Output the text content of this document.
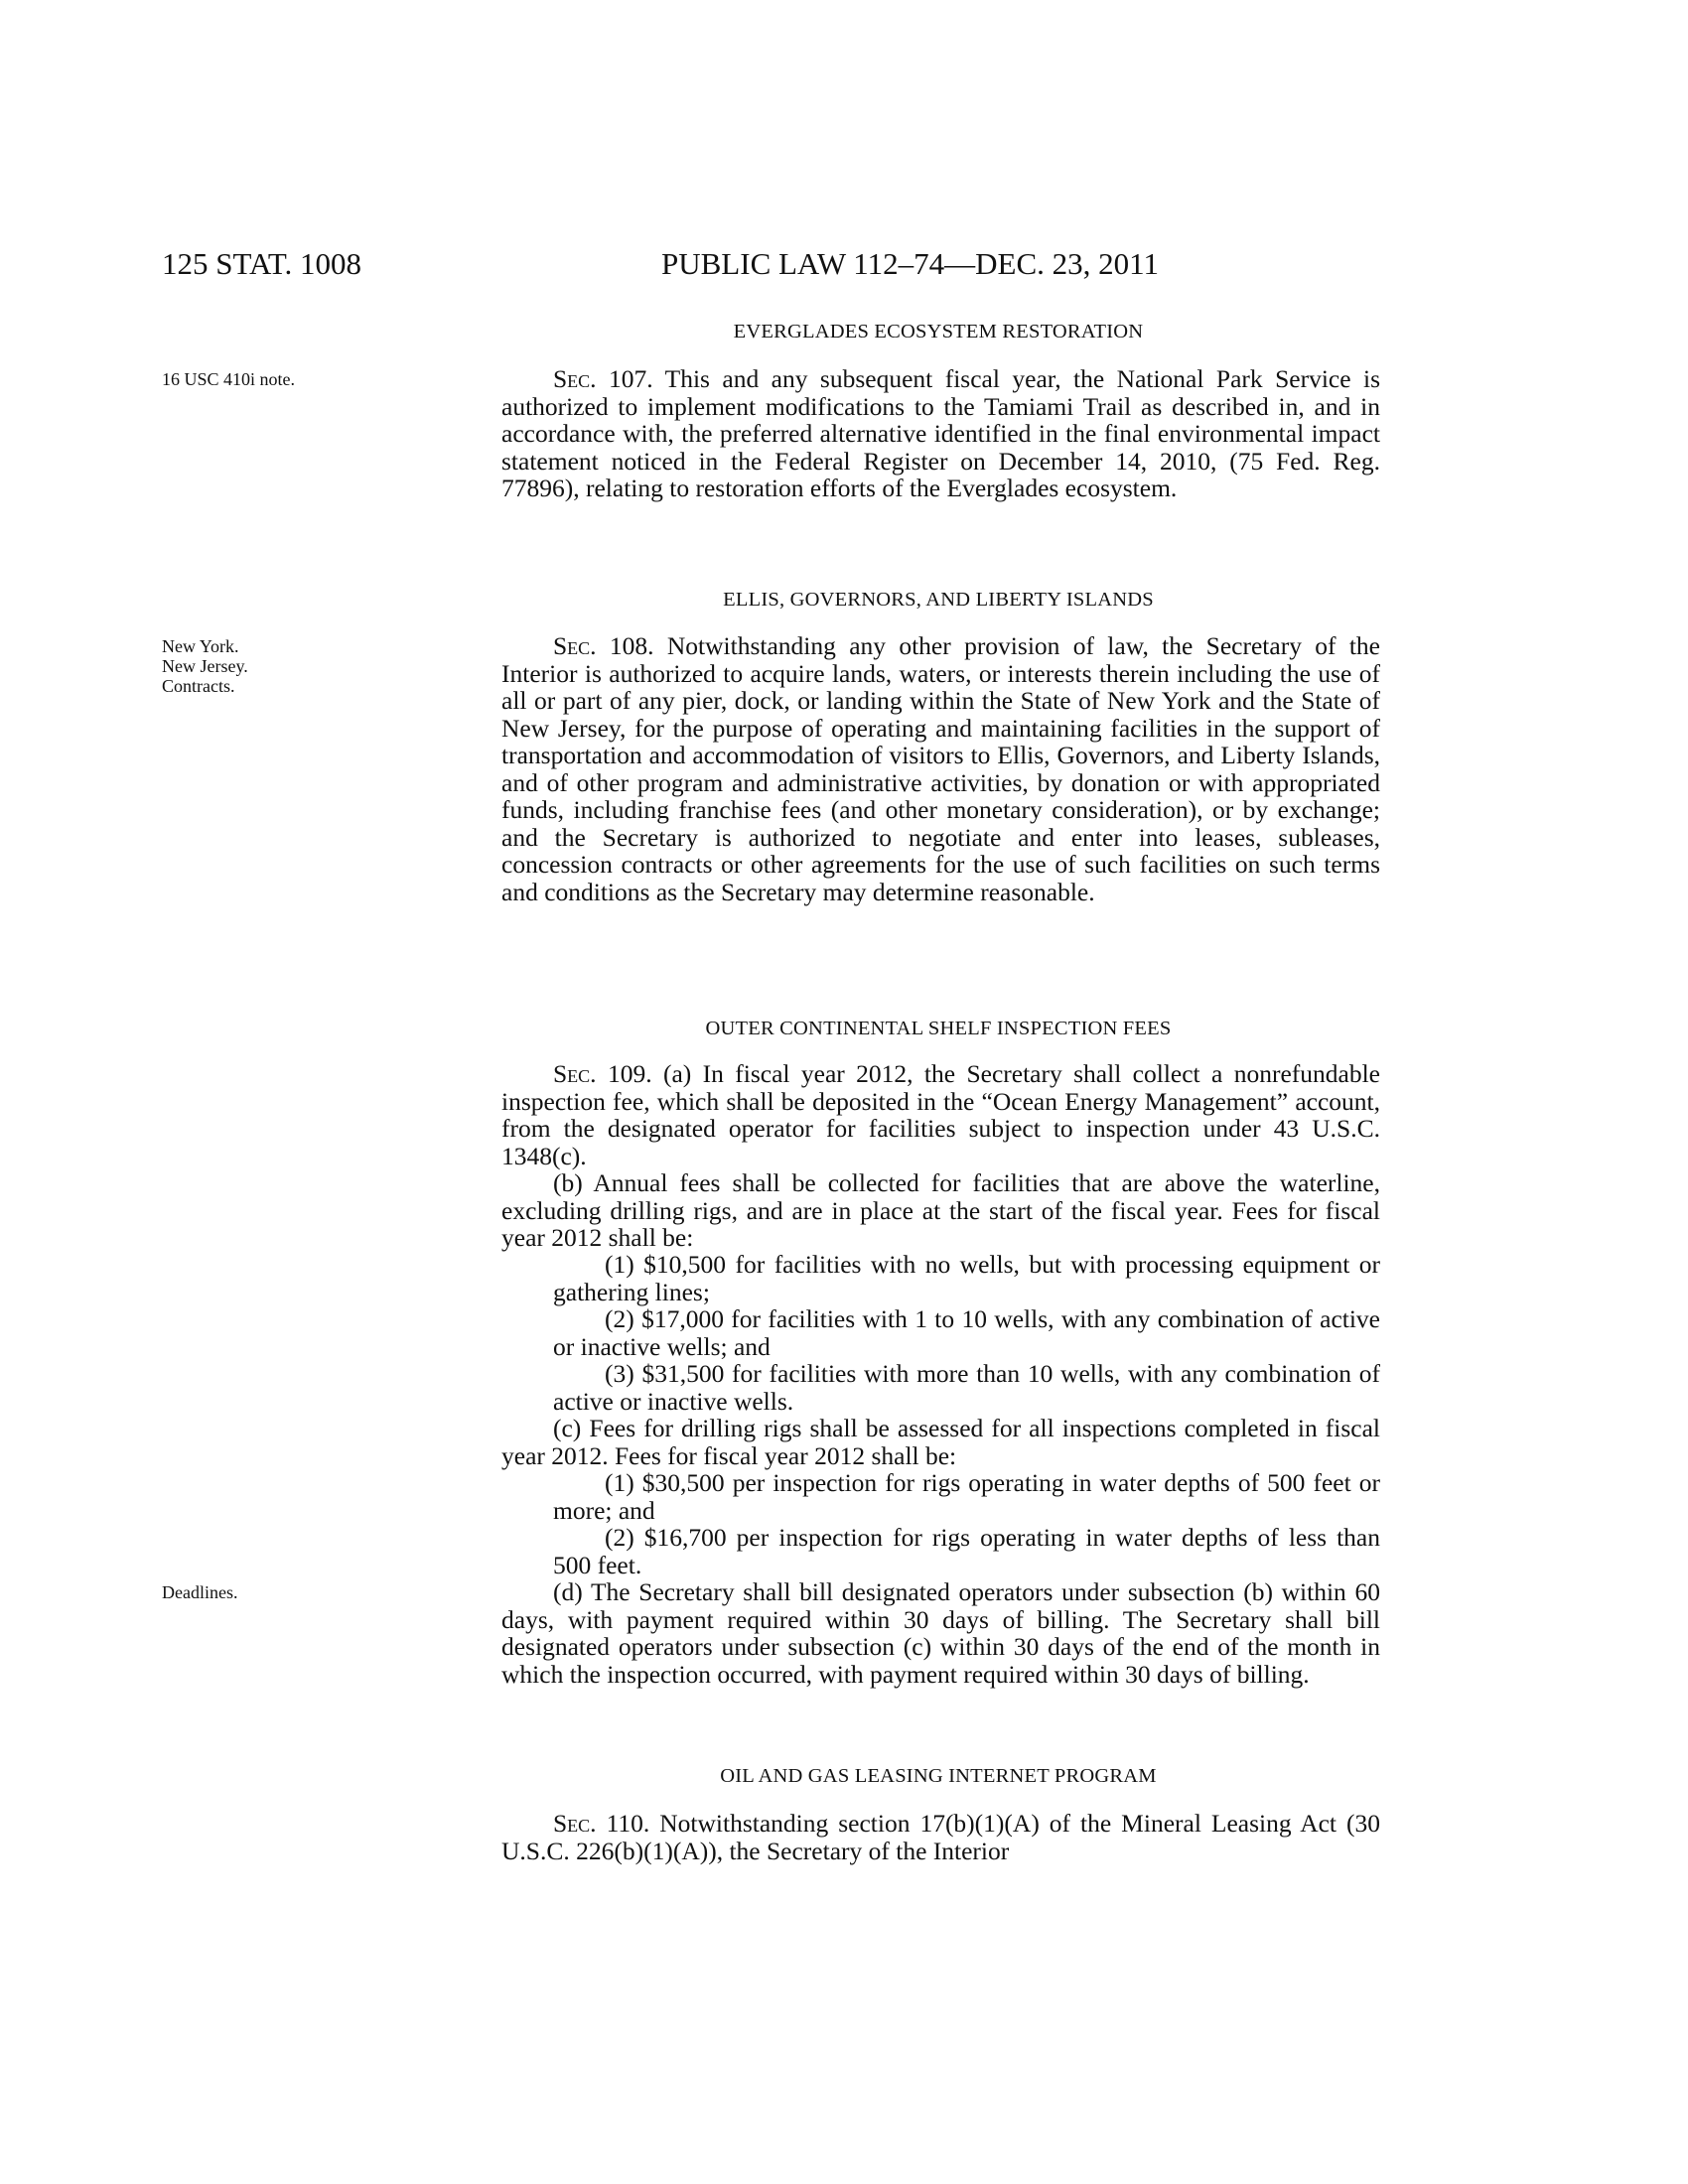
125 STAT. 1008	PUBLIC LAW 112–74—DEC. 23, 2011
EVERGLADES ECOSYSTEM RESTORATION
16 USC 410i note.	Sec. 107. This and any subsequent fiscal year, the National Park Service is authorized to implement modifications to the Tamiami Trail as described in, and in accordance with, the preferred alternative identified in the final environmental impact statement noticed in the Federal Register on December 14, 2010, (75 Fed. Reg. 77896), relating to restoration efforts of the Everglades ecosystem.

ELLIS, GOVERNORS, AND LIBERTY ISLANDS
New York.
New Jersey.
Contracts.

Sec. 108. Notwithstanding any other provision of law, the Secretary of the Interior is authorized to acquire lands, waters, or interests therein including the use of all or part of any pier, dock, or landing within the State of New York and the State of New Jersey, for the purpose of operating and maintaining facilities in the support of transportation and accommodation of visitors to Ellis, Governors, and Liberty Islands, and of other program and administrative activities, by donation or with appropriated funds, including franchise fees (and other monetary consideration), or by exchange; and the Secretary is authorized to negotiate and enter into leases, subleases, concession contracts or other agreements for the use of such facilities on such terms and conditions as the Secretary may determine reasonable.

OUTER CONTINENTAL SHELF INSPECTION FEES

Sec. 109. (a) In fiscal year 2012, the Secretary shall collect a nonrefundable inspection fee, which shall be deposited in the “Ocean Energy Management” account, from the designated operator for facilities subject to inspection under 43 U.S.C. 1348(c).

(b) Annual fees shall be collected for facilities that are above the waterline, excluding drilling rigs, and are in place at the start of the fiscal year. Fees for fiscal year 2012 shall be:

(1) $10,500 for facilities with no wells, but with processing equipment or gathering lines;

(2) $17,000 for facilities with 1 to 10 wells, with any combination of active or inactive wells; and

(3) $31,500 for facilities with more than 10 wells, with any combination of active or inactive wells.

(c) Fees for drilling rigs shall be assessed for all inspections completed in fiscal year 2012. Fees for fiscal year 2012 shall be:

(1) $30,500 per inspection for rigs operating in water depths of 500 feet or more; and

(2) $16,700 per inspection for rigs operating in water depths of less than 500 feet.

Deadlines.	(d) The Secretary shall bill designated operators under subsection (b) within 60 days, with payment required within 30 days of billing. The Secretary shall bill designated operators under subsection (c) within 30 days of the end of the month in which the inspection occurred, with payment required within 30 days of billing.

OIL AND GAS LEASING INTERNET PROGRAM

Sec. 110. Notwithstanding section 17(b)(1)(A) of the Mineral Leasing Act (30 U.S.C. 226(b)(1)(A)), the Secretary of the Interior
